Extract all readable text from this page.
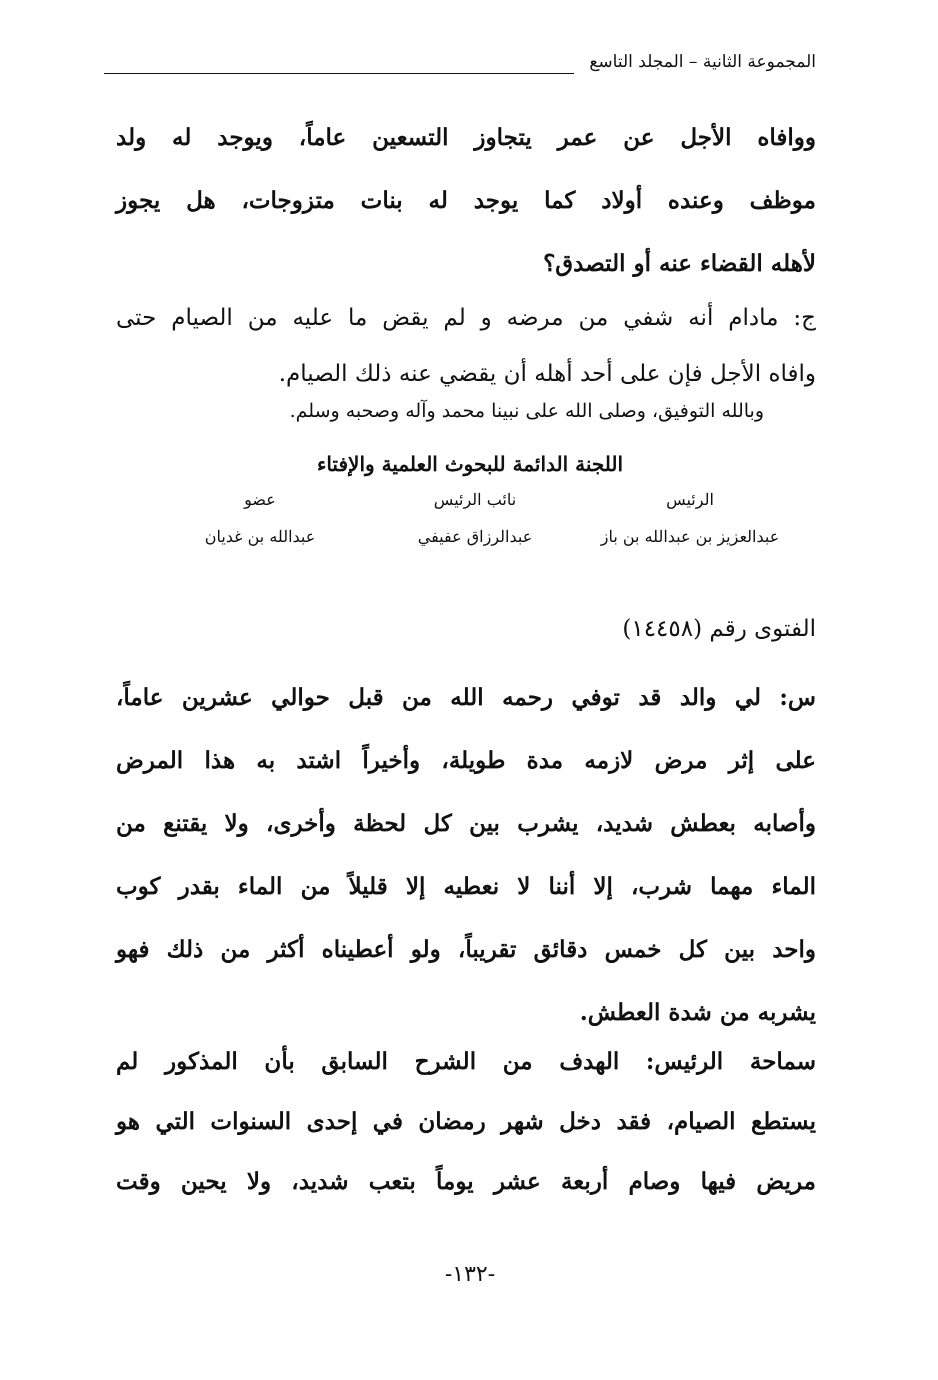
المجموعة الثانية – المجلد التاسع
ووافاه الأجل عن عمر يتجاوز التسعين عاماً، ويوجد له ولد
موظف وعنده أولاد كما يوجد له بنات متزوجات، هل يجوز
لأهله القضاء عنه أو التصدق؟
ج: مادام أنه شفي من مرضه و لم يقض ما عليه من الصيام حتى
وافاه الأجل فإن على أحد أهله أن يقضي عنه ذلك الصيام.
وبالله التوفيق، وصلى الله على نبينا محمد وآله وصحبه وسلم.
اللجنة الدائمة للبحوث العلمية والإفتاء
عضو
عبدالله بن غديان
نائب الرئيس
عبدالرزاق عفيفي
الرئيس
عبدالعزيز بن عبدالله بن باز
الفتوى رقم (١٤٤٥٨)
س: لي والد قد توفي رحمه الله من قبل حوالي عشرين عاماً،
على إثر مرض لازمه مدة طويلة، وأخيراً اشتد به هذا المرض
وأصابه بعطش شديد، يشرب بين كل لحظة وأخرى، ولا يقتنع من
الماء مهما شرب، إلا أننا لا نعطيه إلا قليلاً من الماء بقدر كوب
واحد بين كل خمس دقائق تقريباً، ولو أعطيناه أكثر من ذلك فهو
يشربه من شدة العطش.
سماحة الرئيس: الهدف من الشرح السابق بأن المذكور لم
يستطع الصيام، فقد دخل شهر رمضان في إحدى السنوات التي هو
مريض فيها وصام أربعة عشر يوماً بتعب شديد، ولا يحين وقت
-١٣٢-
